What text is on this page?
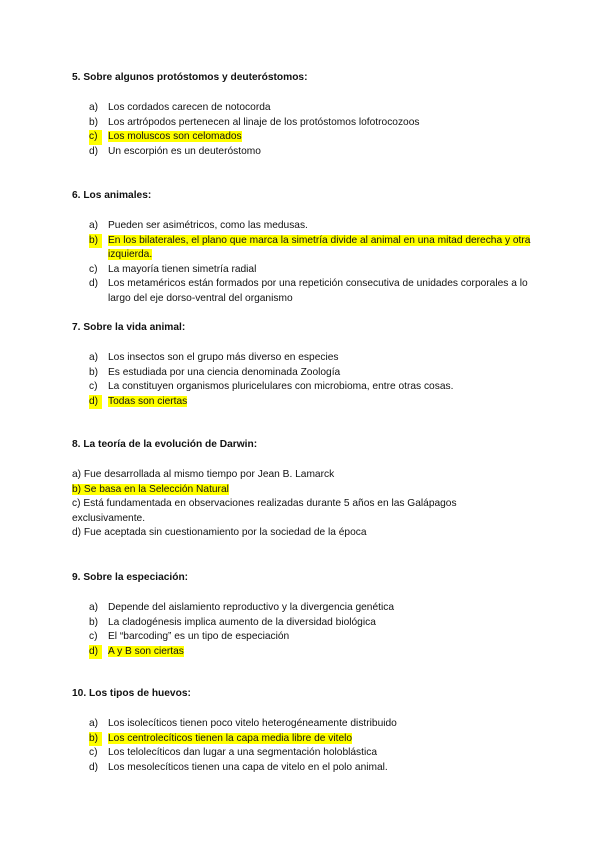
5. Sobre algunos protóstomos y deuteróstomos:

a) Los cordados carecen de notocorda
b) Los artrópodos pertenecen al linaje de los protóstomos lofotrocozoos
c)	Los moluscos son celomados
d) Un escorpión es un deuteróstomo

6. Los animales:

a) Pueden ser asimétricos, como las medusas.
b) En los bilaterales, el plano que marca la simetría divide al animal en una mitad derecha y otra izquierda.
c) La mayoría tienen simetría radial
d) Los metaméricos están formados por una repetición consecutiva de unidades corporales a lo largo del eje dorso-ventral del organismo

7. Sobre la vida animal:

a) Los insectos son el grupo más diverso en especies
b) Es estudiada por una ciencia denominada Zoología
c) La constituyen organismos pluricelulares con microbioma, entre otras cosas.
d) Todas son ciertas

8. La teoría de la evolución de Darwin:

a) Fue desarrollada al mismo tiempo por Jean B. Lamarck
b) Se basa en la Selección Natural
c) Está fundamentada en observaciones realizadas durante 5 años en las Galápagos exclusivamente.
d) Fue aceptada sin cuestionamiento por la sociedad de la época

9. Sobre la especiación:

a) Depende del aislamiento reproductivo y la divergencia genética
b) La cladogénesis implica aumento de la diversidad biológica
c) El “barcoding” es un tipo de especiación
d) A y B son ciertas

10. Los tipos de huevos:

a) Los isolecíticos tienen poco vitelo heterogéneamente distribuido
b) Los centrolecíticos tienen la capa media libre de vitelo
c) Los telolecíticos dan lugar a una segmentación holoblástica
d) Los mesolecíticos tienen una capa de vitelo en el polo animal.
